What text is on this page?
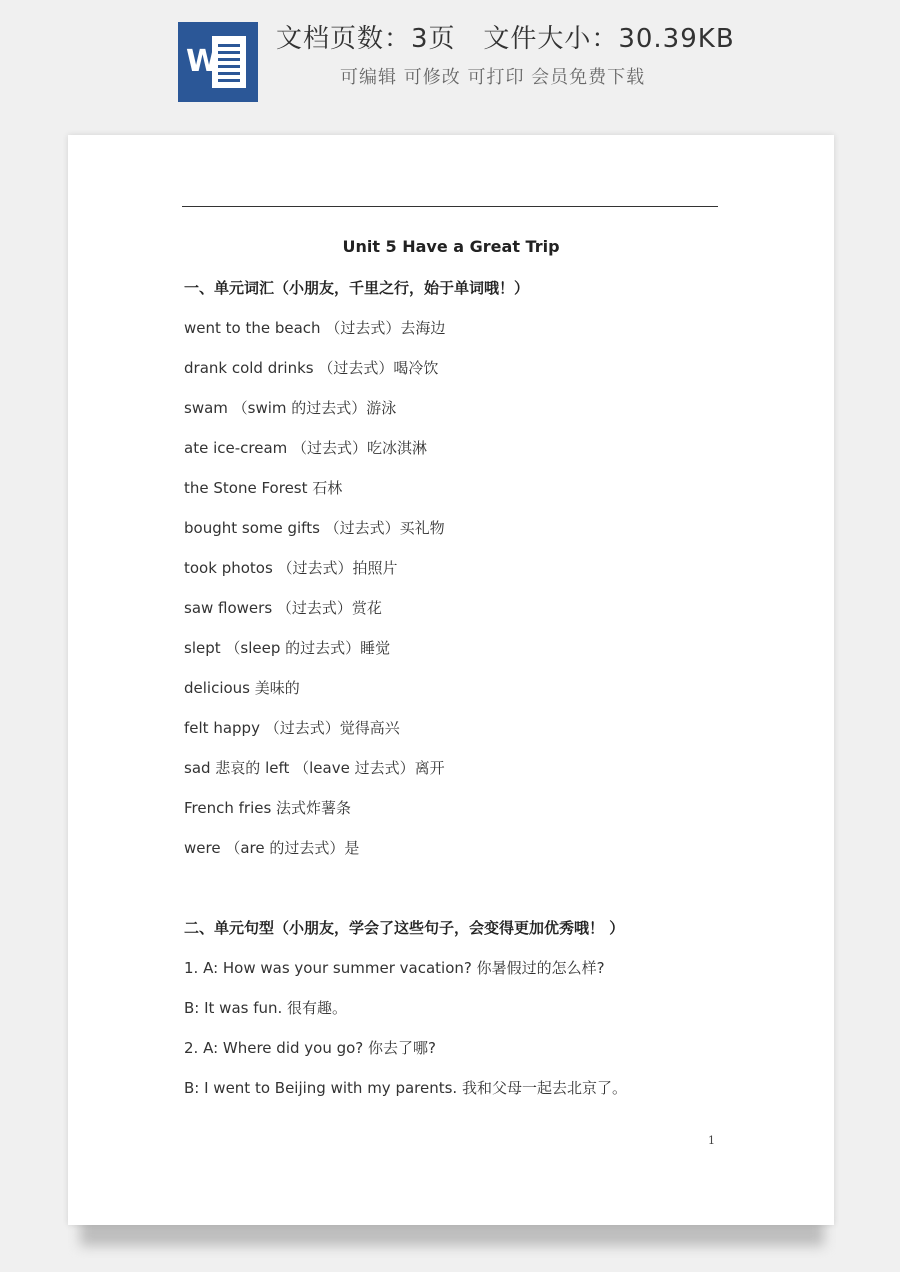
W
文档页数：3页   文件大小：30.39KB
可编辑 可修改 可打印 会员免费下载
Unit 5 Have a Great Trip
一、单元词汇（小朋友，千里之行，始于单词哦！）
went to the beach （过去式）去海边
drank cold drinks （过去式）喝冷饮
swam （swim 的过去式）游泳
ate ice-cream （过去式）吃冰淇淋
the Stone Forest 石林
bought some gifts （过去式）买礼物
took photos （过去式）拍照片
saw flowers （过去式）赏花
slept （sleep 的过去式）睡觉
delicious 美味的
felt happy （过去式）觉得高兴
sad 悲哀的 left （leave 过去式）离开
French fries 法式炸薯条
were （are 的过去式）是
二、单元句型（小朋友，学会了这些句子，会变得更加优秀哦！ ）
1. A: How was your summer vacation? 你暑假过的怎么样?
B: It was fun. 很有趣。
2. A: Where did you go? 你去了哪?
B: I went to Beijing with my parents. 我和父母一起去北京了。
1
